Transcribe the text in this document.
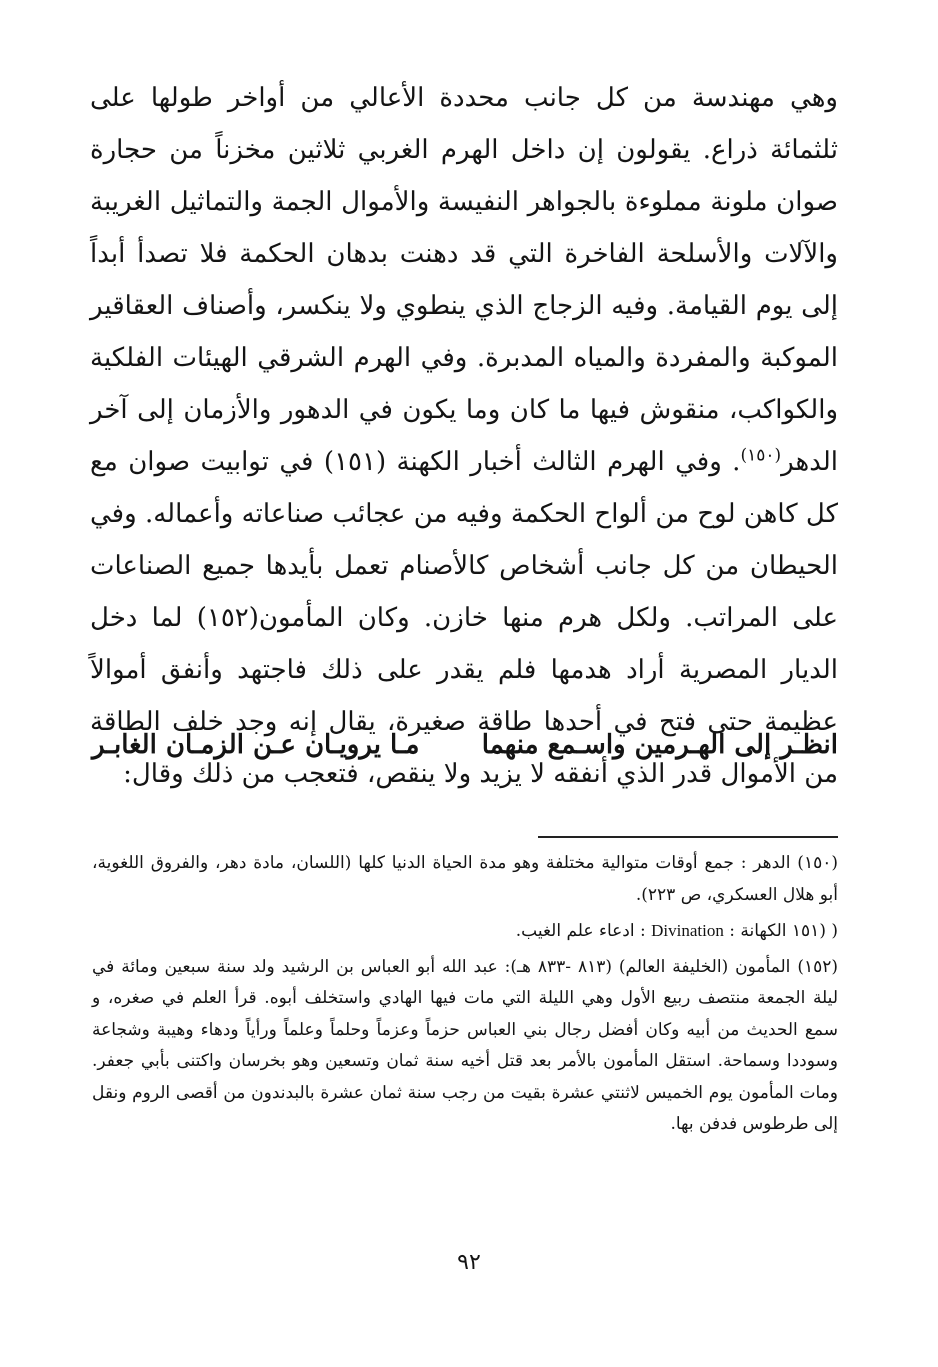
وهي مهندسة من كل جانب محددة الأعالي من أواخر طولها على ثلثمائة ذراع. يقولون إن داخل الهرم الغربي ثلاثين مخزناً من حجارة صوان ملونة مملوءة بالجواهر النفيسة والأموال الجمة والتماثيل الغريبة والآلات والأسلحة الفاخرة التي قد دهنت بدهان الحكمة فلا تصدأ أبداً إلى يوم القيامة. وفيه الزجاج الذي ينطوي ولا ينكسر، وأصناف العقاقير الموكبة والمفردة والمياه المدبرة. وفي الهرم الشرقي الهيئات الفلكية والكواكب، منقوش فيها ما كان وما يكون في الدهور والأزمان إلى آخر الدهر$^{(١٥٠)}$. وفي الهرم الثالث أخبار الكهنة (١٥١) في توابيت صوان مع كل كاهن لوح من ألواح الحكمة وفيه من عجائب صناعاته وأعماله. وفي الحيطان من كل جانب أشخاص كالأصنام تعمل بأيدها جميع الصناعات على المراتب. ولكل هرم منها خازن. وكان المأمون(١٥٢) لما دخل الديار المصرية أراد هدمها فلم يقدر على ذلك فاجتهد وأنفق أموالاً عظيمة حتى فتح في أحدها طاقة صغيرة، يقال إنه وجد خلف الطاقة من الأموال قدر الذي أنفقه لا يزيد ولا ينقص، فتعجب من ذلك وقال:

انظـر إلى الهـرمين واسـمع منهما
مـا يرويـان عـن الزمـان الغابـر

(١٥٠) الدهر : جمع أوقات متوالية مختلفة وهو مدة الحياة الدنيا كلها (اللسان، مادة دهر، والفروق اللغوية، أبو هلال العسكري، ص ٢٢٣).

( (١٥١ الكهانة : Divination : ادعاء علم الغيب.

(١٥٢) المأمون (الخليفة العالم) (٨١٣ -٨٣٣ هـ): عبد الله أبو العباس بن الرشيد ولد سنة سبعين ومائة في ليلة الجمعة منتصف ربيع الأول وهي الليلة التي مات فيها الهادي واستخلف أبوه. قرأ العلم في صغره، و سمع الحديث من أبيه وكان أفضل رجال بني العباس حزماً وعزماً وحلماً وعلماً ورأياً ودهاء وهيبة وشجاعة وسوددا وسماحة. استقل المأمون بالأمر بعد قتل أخيه سنة ثمان وتسعين وهو بخرسان واكتنى بأبي جعفر. ومات المأمون يوم الخميس لاثنتي عشرة بقيت من رجب سنة ثمان عشرة بالبدندون من أقصى الروم ونقل إلى طرطوس فدفن بها.

٩٢
